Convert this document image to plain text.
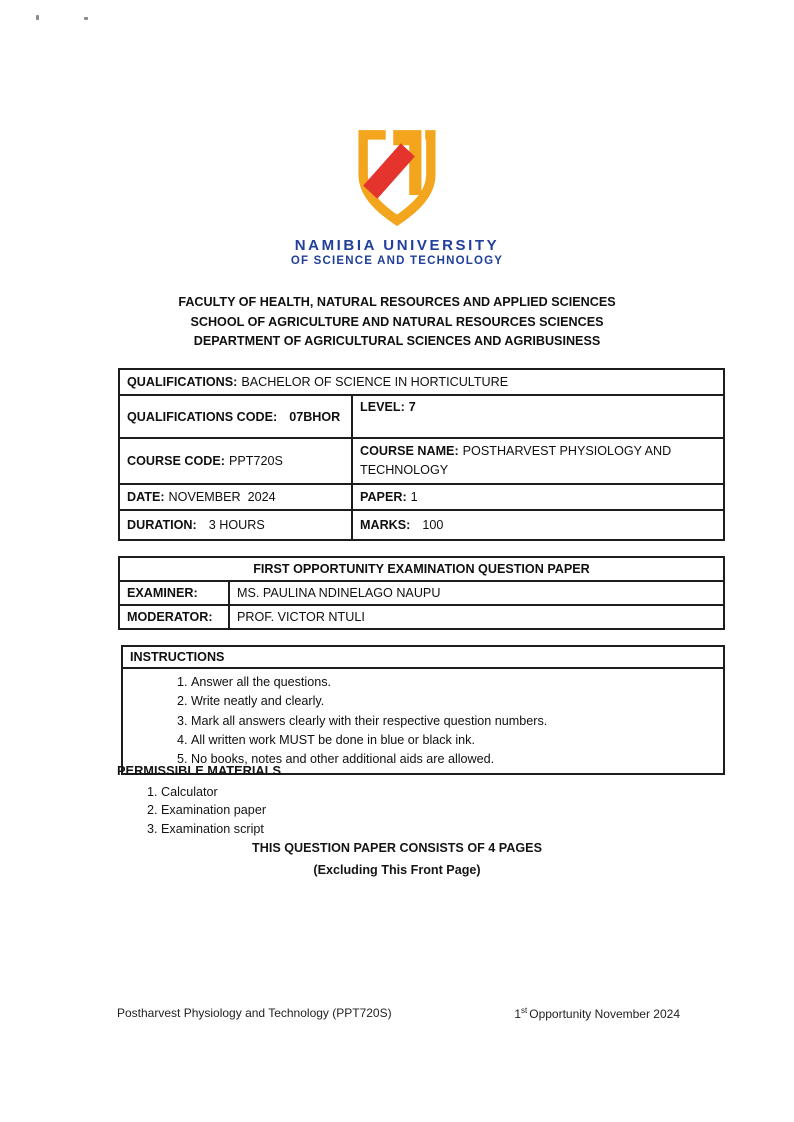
NAMIBIA UNIVERSITY
OF SCIENCE AND TECHNOLOGY
FACULTY OF HEALTH, NATURAL RESOURCES AND APPLIED SCIENCES
SCHOOL OF AGRICULTURE AND NATURAL RESOURCES SCIENCES
DEPARTMENT OF AGRICULTURAL SCIENCES AND AGRIBUSINESS
QUALIFICATIONS: BACHELOR OF SCIENCE IN HORTICULTURE	
QUALIFICATIONS CODE: 07BHOR	LEVEL: 7
COURSE CODE: PPT720S	COURSE NAME: POSTHARVEST PHYSIOLOGY AND TECHNOLOGY
DATE: NOVEMBER  2024	PAPER: 1
DURATION: 3 HOURS	MARKS: 100
FIRST OPPORTUNITY EXAMINATION QUESTION PAPER	
EXAMINER:	MS. PAULINA NDINELAGO NAUPU
MODERATOR:	PROF. VICTOR NTULI
INSTRUCTIONS

1. Answer all the questions.
2. Write neatly and clearly.
3. Mark all answers clearly with their respective question numbers.
4. All written work MUST be done in blue or black ink.
5. No books, notes and other additional aids are allowed.
PERMISSIBLE MATERIALS
1. Calculator
2. Examination paper
3. Examination script
THIS QUESTION PAPER CONSISTS OF 4 PAGES
(Excluding This Front Page)
Postharvest Physiology and Technology (PPT720S)	1st Opportunity November 2024
